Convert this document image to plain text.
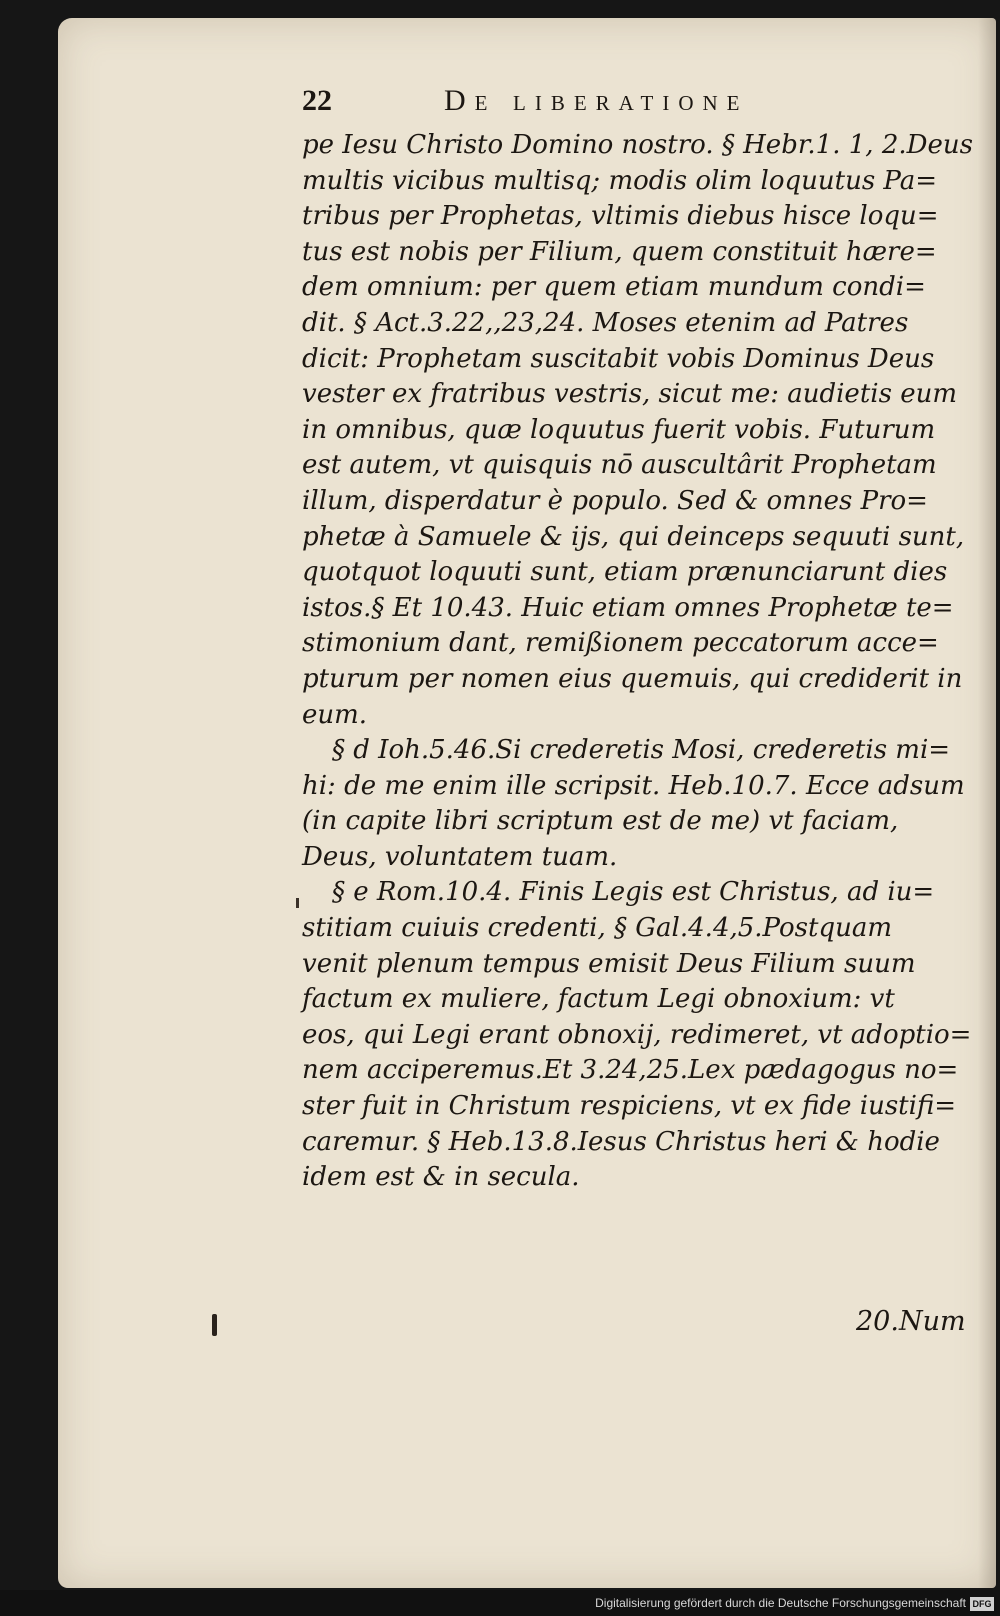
22	De liberatione
pe Iesu Christo Domino nostro. § Hebr.1. 1, 2.Deus
multis vicibus multisq; modis olim loquutus Pa=
tribus per Prophetas, vltimis diebus hisce loqu=
tus est nobis per Filium, quem constituit hære=
dem omnium: per quem etiam mundum condi=
dit. § Act.3.22,,23,24. Moses etenim ad Patres
dicit: Prophetam suscitabit vobis Dominus Deus
vester ex fratribus vestris, sicut me: audietis eum
in omnibus, quæ loquutus fuerit vobis. Futurum
est autem, vt quisquis nō auscultârit Prophetam
illum, disperdatur è populo. Sed & omnes Pro=
phetæ à Samuele & ijs, qui deinceps sequuti sunt,
quotquot loquuti sunt, etiam prænunciarunt dies
istos.§ Et 10.43. Huic etiam omnes Prophetæ te=
stimonium dant, remißionem peccatorum acce=
pturum per nomen eius quemuis, qui crediderit in
eum.
§ d Ioh.5.46.Si crederetis Mosi, crederetis mi=
hi: de me enim ille scripsit. Heb.10.7. Ecce adsum
(in capite libri scriptum est de me) vt faciam,
Deus, voluntatem tuam.
§ e Rom.10.4. Finis Legis est Christus, ad iu=
stitiam cuiuis credenti, § Gal.4.4,5.Postquam
venit plenum tempus emisit Deus Filium suum
factum ex muliere, factum Legi obnoxium: vt
eos, qui Legi erant obnoxij, redimeret, vt adoptio=
nem acciperemus.Et 3.24,25.Lex pædagogus no=
ster fuit in Christum respiciens, vt ex fide iustifi=
caremur. § Heb.13.8.Iesus Christus heri & hodie
idem est & in secula.
20.Num
Digitalisierung gefördert durch die Deutsche Forschungsgemeinschaft DFG
